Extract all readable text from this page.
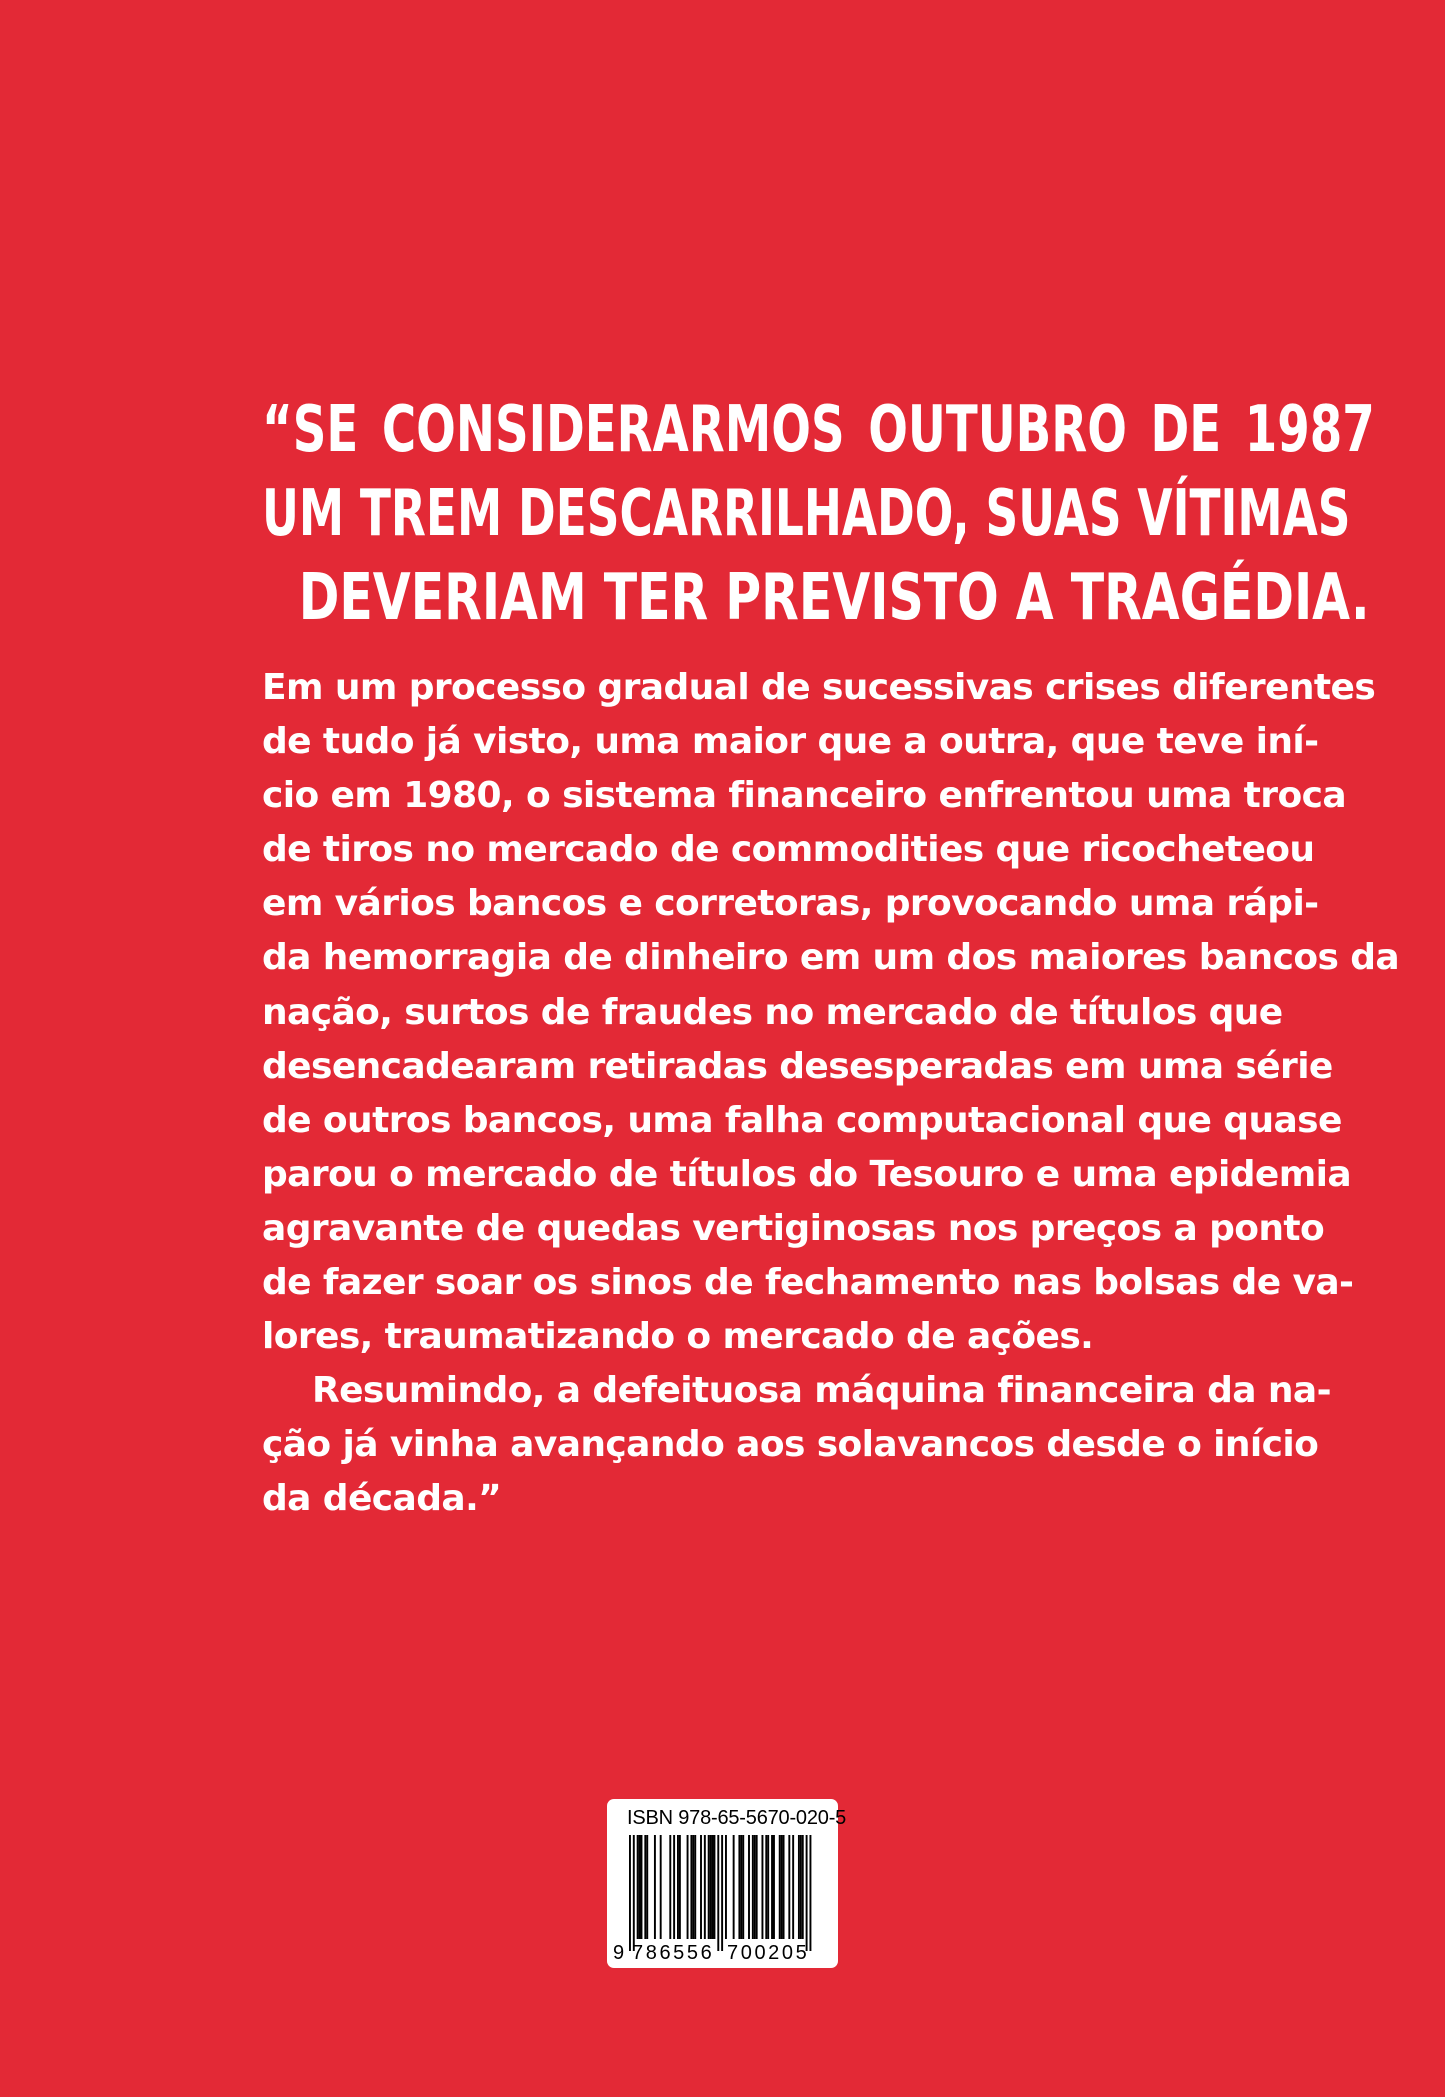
“SE CONSIDERARMOS OUTUBRO DE 1987
UM TREM DESCARRILHADO, SUAS VÍTIMAS
DEVERIAM TER PREVISTO A TRAGÉDIA.
Em um processo gradual de sucessivas crises diferentes
de tudo já visto, uma maior que a outra, que teve iní-
cio em 1980, o sistema financeiro enfrentou uma troca
de tiros no mercado de commodities que ricocheteou
em vários bancos e corretoras, provocando uma rápi-
da hemorragia de dinheiro em um dos maiores bancos da
nação, surtos de fraudes no mercado de títulos que
desencadearam retiradas desesperadas em uma série
de outros bancos, uma falha computacional que quase
parou o mercado de títulos do Tesouro e uma epidemia
agravante de quedas vertiginosas nos preços a ponto
de fazer soar os sinos de fechamento nas bolsas de va-
lores, traumatizando o mercado de ações.
Resumindo, a defeituosa máquina financeira da na-
ção já vinha avançando aos solavancos desde o início
da década.”
ISBN 978-65-5670-020-5
9 786556 700205
